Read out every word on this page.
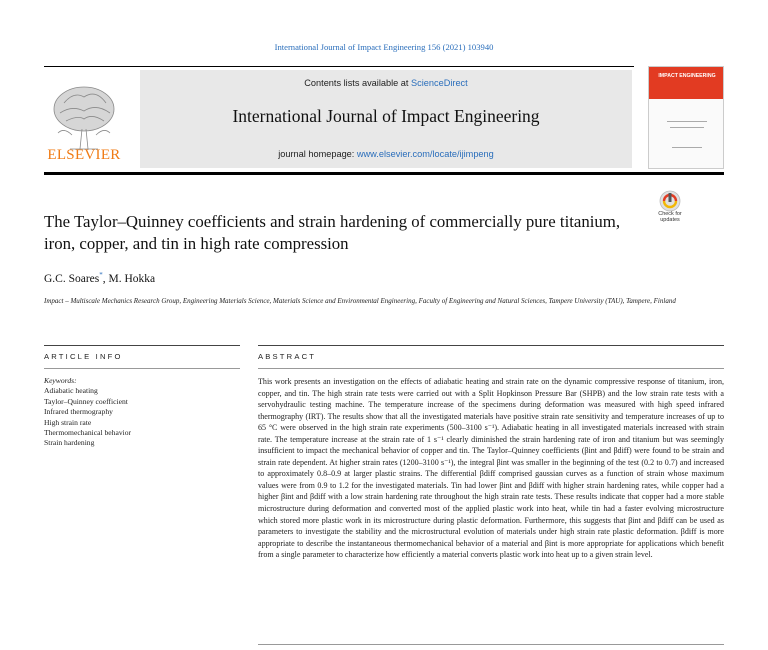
International Journal of Impact Engineering 156 (2021) 103940
ELSEVIER
Contents lists available at ScienceDirect
International Journal of Impact Engineering
journal homepage: www.elsevier.com/locate/ijimpeng
IMPACT ENGINEERING
The Taylor–Quinney coefficients and strain hardening of commercially pure titanium, iron, copper, and tin in high rate compression
Check for
updates
G.C. Soares*, M. Hokka
Impact – Multiscale Mechanics Research Group, Engineering Materials Science, Materials Science and Environmental Engineering, Faculty of Engineering and Natural Sciences, Tampere University (TAU), Tampere, Finland
ARTICLE INFO	ABSTRACT
Keywords:
Adiabatic heating
Taylor–Quinney coefficient
Infrared thermography
High strain rate
Thermomechanical behavior
Strain hardening
This work presents an investigation on the effects of adiabatic heating and strain rate on the dynamic compressive response of titanium, iron, copper, and tin. The high strain rate tests were carried out with a Split Hopkinson Pressure Bar (SHPB) and the low strain rate tests with a servohydraulic testing machine. The temperature increase of the specimens during deformation was measured with high speed infrared thermography (IRT). The results show that all the investigated materials have positive strain rate sensitivity and temperature increases of up to 65 °C were observed in the high strain rate experiments (500–3100 s⁻¹). Adiabatic heating in all investigated materials increased with strain rate. The temperature increase at the strain rate of 1 s⁻¹ clearly diminished the strain hardening rate of iron and titanium but was seemingly insufficient to impact the mechanical behavior of copper and tin. The Taylor–Quinney coefficients (βint and βdiff) were found to be strain and strain rate dependent. At higher strain rates (1200–3100 s⁻¹), the integral βint was smaller in the beginning of the test (0.2 to 0.7) and increased to approximately 0.8–0.9 at larger plastic strains. The differential βdiff comprised gaussian curves as a function of strain whose maximum values were from 0.9 to 1.2 for the investigated materials. Tin had lower βint and βdiff with higher strain hardening rates, while copper had a higher βint and βdiff with a low strain hardening rate throughout the high strain rate tests. These results indicate that copper had a more stable microstructure during deformation and converted most of the applied plastic work into heat, while tin had a faster evolving microstructure which stored more plastic work in its microstructure during plastic deformation. Furthermore, this suggests that βint and βdiff can be used as parameters to investigate the stability and the microstructural evolution of materials under high strain rate plastic deformation. βdiff is more appropriate to describe the instantaneous thermomechanical behavior of a material and βint is more appropriate for applications which benefit from a single parameter to characterize how efficiently a material converts plastic work into heat up to a given strain level.
